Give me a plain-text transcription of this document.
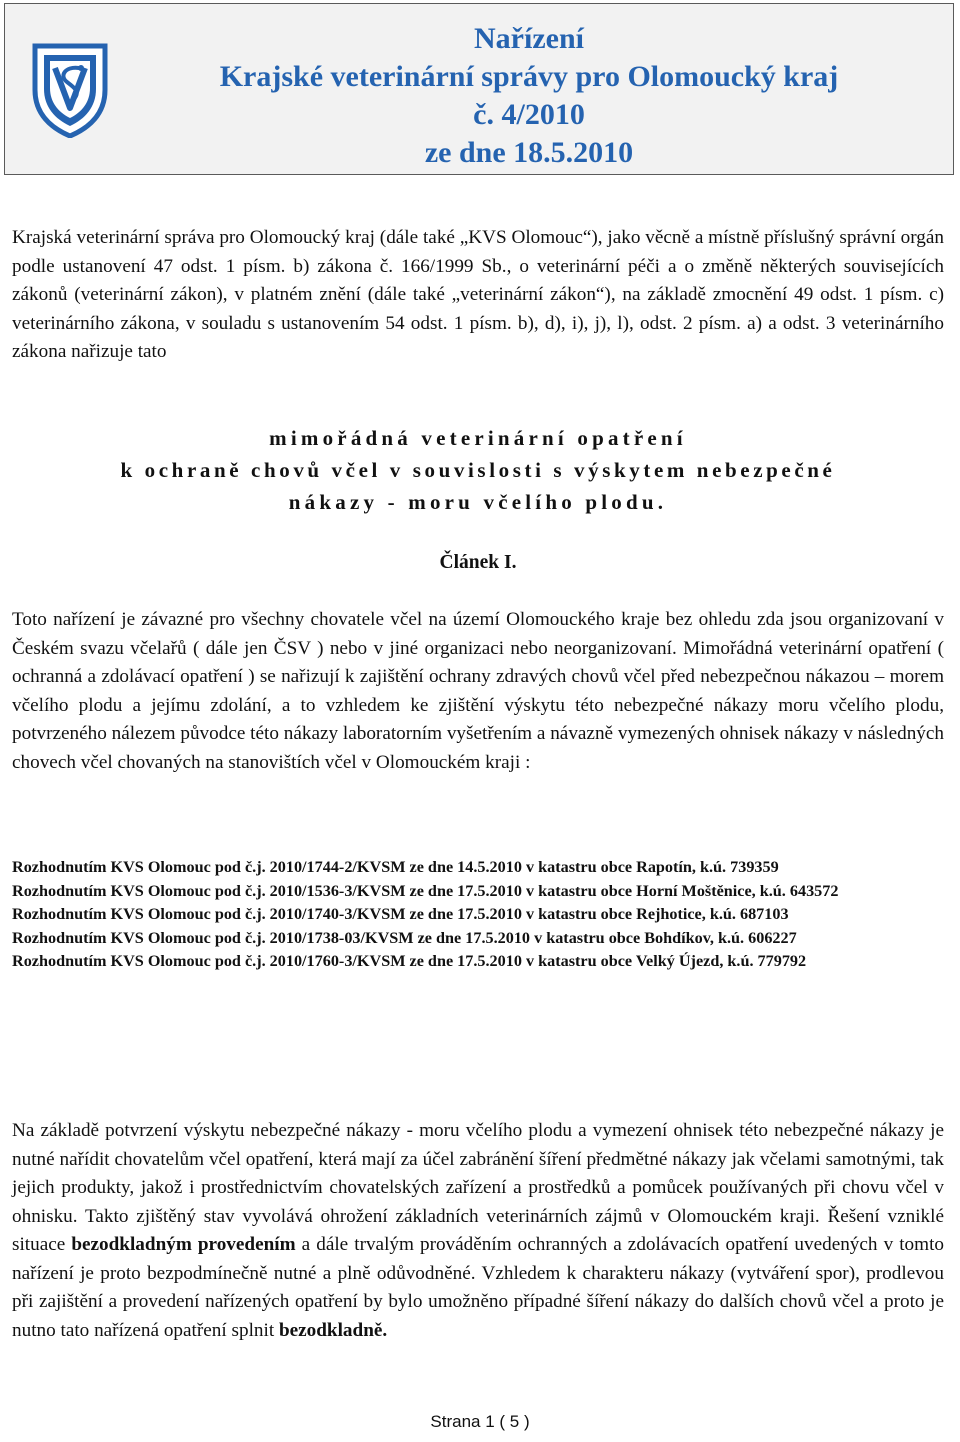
Nařízení
Krajské veterinární správy pro Olomoucký kraj
č. 4/2010
ze dne 18.5.2010

Krajská veterinární správa pro Olomoucký kraj (dále také „KVS Olomouc“), jako věcně a místně příslušný správní orgán podle ustanovení 47 odst. 1 písm. b) zákona č. 166/1999 Sb., o veterinární péči a o změně některých souvisejících zákonů (veterinární zákon), v platném znění (dále také „veterinární zákon“), na základě zmocnění 49 odst. 1 písm. c) veterinárního zákona, v souladu s ustanovením 54 odst. 1 písm. b), d), i), j), l), odst. 2 písm. a) a odst. 3 veterinárního zákona nařizuje tato

mimořádná veterinární opatření
k ochraně chovů včel v souvislosti s výskytem nebezpečné
nákazy - moru včelího plodu.
Článek I.

Toto nařízení je závazné pro všechny chovatele včel na území Olomouckého kraje bez ohledu zda jsou organizovaní v Českém svazu včelařů ( dále jen ČSV ) nebo v jiné organizaci nebo neorganizovaní. Mimořádná veterinární opatření ( ochranná a zdolávací opatření ) se nařizují k zajištění ochrany zdravých chovů včel před nebezpečnou nákazou – morem včelího plodu a jejímu zdolání, a to vzhledem ke zjištění výskytu této nebezpečné nákazy moru včelího plodu, potvrzeného nálezem původce této nákazy laboratorním vyšetřením a návazně vymezených ohnisek nákazy v následných chovech včel chovaných na stanovištích včel v Olomouckém kraji :

Rozhodnutím KVS Olomouc pod č.j. 2010/1744-2/KVSM ze dne 14.5.2010 v katastru obce Rapotín, k.ú. 739359

Rozhodnutím KVS Olomouc pod č.j. 2010/1536-3/KVSM ze dne 17.5.2010 v katastru obce Horní Moštěnice, k.ú. 643572

Rozhodnutím KVS Olomouc pod č.j. 2010/1740-3/KVSM ze dne 17.5.2010 v katastru obce Rejhotice, k.ú. 687103

Rozhodnutím KVS Olomouc pod č.j. 2010/1738-03/KVSM ze dne 17.5.2010 v katastru obce Bohdíkov, k.ú. 606227

Rozhodnutím KVS Olomouc pod č.j. 2010/1760-3/KVSM ze dne 17.5.2010 v katastru obce Velký Újezd, k.ú. 779792

Na základě potvrzení výskytu nebezpečné nákazy - moru včelího plodu a vymezení ohnisek této nebezpečné nákazy je nutné nařídit chovatelům včel opatření, která mají za účel zabránění šíření předmětné nákazy jak včelami samotnými, tak jejich produkty, jakož i prostřednictvím chovatelských zařízení a prostředků a pomůcek používaných při chovu včel v ohnisku. Takto zjištěný stav vyvolává ohrožení základních veterinárních zájmů v Olomouckém kraji. Řešení vzniklé situace bezodkladným provedením a dále trvalým prováděním ochranných a zdolávacích opatření uvedených v tomto nařízení je proto bezpodmínečně nutné a plně odůvodněné. Vzhledem k charakteru nákazy (vytváření spor), prodlevou při zajištění a provedení nařízených opatření by bylo umožněno případné šíření nákazy do dalších chovů včel a proto je nutno tato nařízená opatření splnit bezodkladně.

Strana 1 ( 5 )
